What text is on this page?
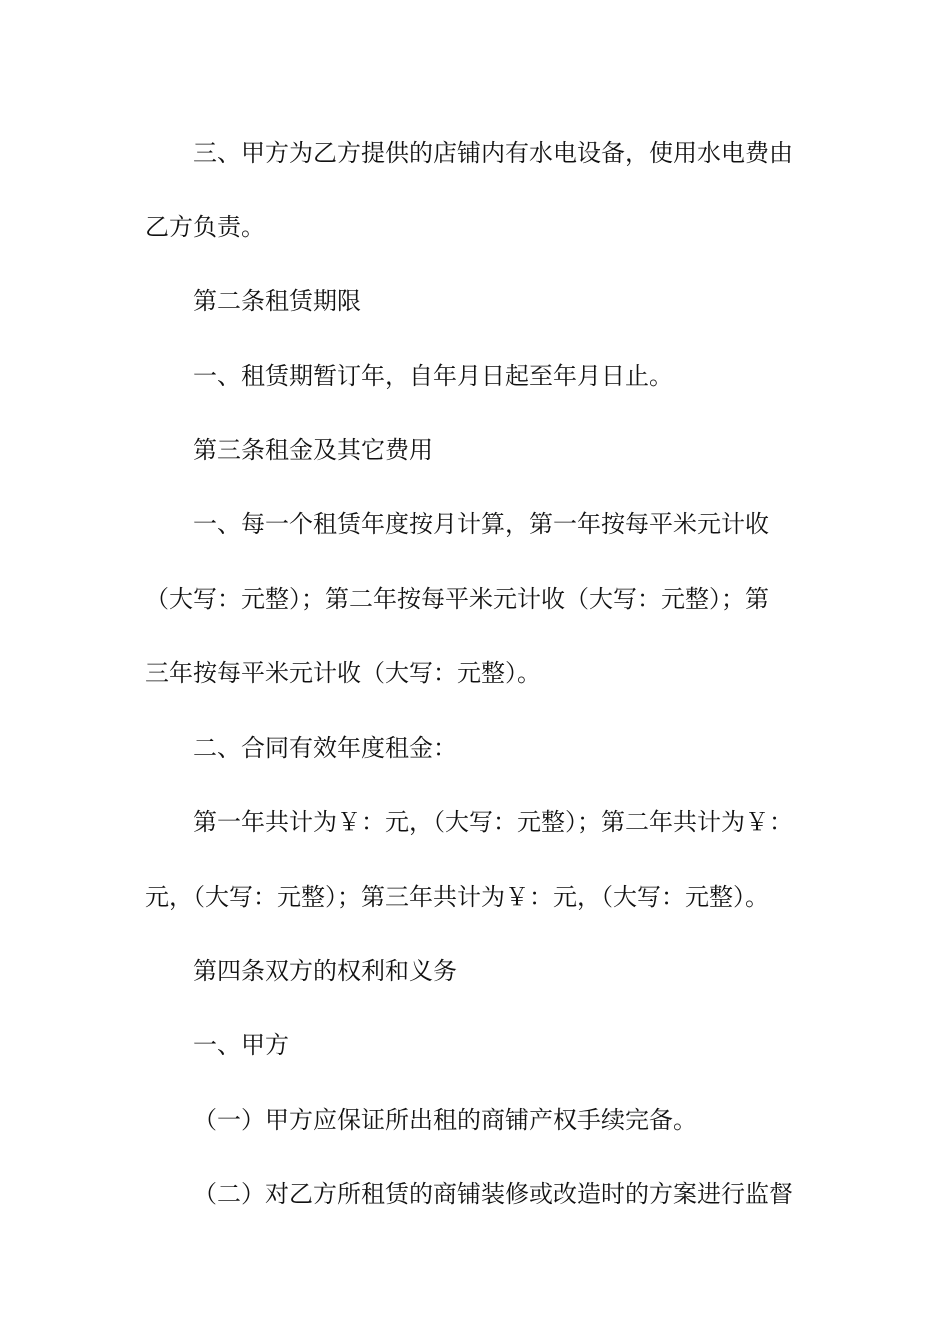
三、甲方为乙方提供的店铺内有水电设备，使用水电费由

乙方负责。

第二条租赁期限

一、租赁期暂订年，自年月日起至年月日止。

第三条租金及其它费用

一、每一个租赁年度按月计算，第一年按每平米元计收

（大写：元整）；第二年按每平米元计收（大写：元整）；第

三年按每平米元计收（大写：元整）。

二、合同有效年度租金：

第一年共计为￥：元，（大写：元整）；第二年共计为￥：

元，（大写：元整）；第三年共计为￥：元，（大写：元整）。

第四条双方的权利和义务

一、甲方

（一）甲方应保证所出租的商铺产权手续完备。

（二）对乙方所租赁的商铺装修或改造时的方案进行监督
